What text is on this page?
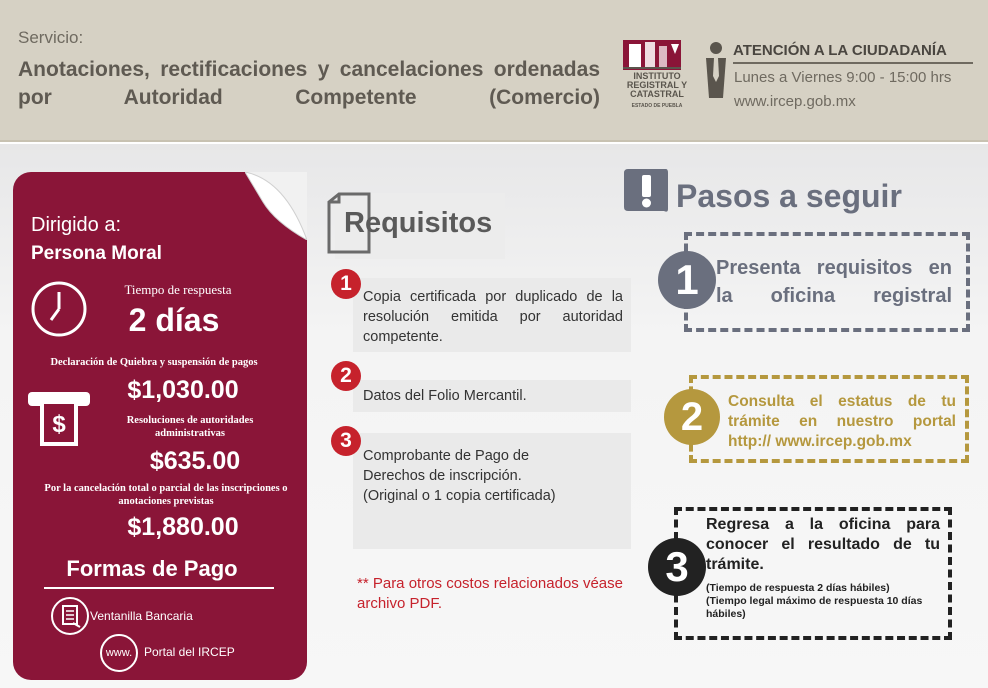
Servicio:
Anotaciones, rectificaciones y cancelaciones ordenadas por Autoridad Competente (Comercio)
INSTITUTO
REGISTRAL Y
CATASTRAL
ESTADO DE PUEBLA
ATENCIÓN A LA CIUDADANÍA
Lunes a Viernes 9:00 - 15:00 hrs
www.ircep.gob.mx
Dirigido a:
Persona Moral
Tiempo de respuesta
2 días
Declaración de Quiebra y suspensión de pagos
$1,030.00
$	Resoluciones de autoridades administrativas
$635.00
Por la cancelación total o parcial de las inscripciones o anotaciones previstas
$1,880.00
Formas de Pago
Ventanilla Bancaria
www. Portal del IRCEP
Requisitos
1
Copia certificada por duplicado de la resolución emitida por autoridad competente.
2
Datos del Folio Mercantil.
3
Comprobante de Pago de
Derechos de inscripción.
(Original o 1 copia certificada)
** Para otros costos relacionados véase archivo PDF.
Pasos a seguir
1 Presenta requisitos en la oficina registral
2	Consulta el estatus de tu trámite en nuestro portal http:// www.ircep.gob.mx
3
Regresa a la oficina para conocer el resultado de tu trámite.
(Tiempo de respuesta 2 días hábiles)
(Tiempo legal máximo de respuesta 10 días hábiles)
